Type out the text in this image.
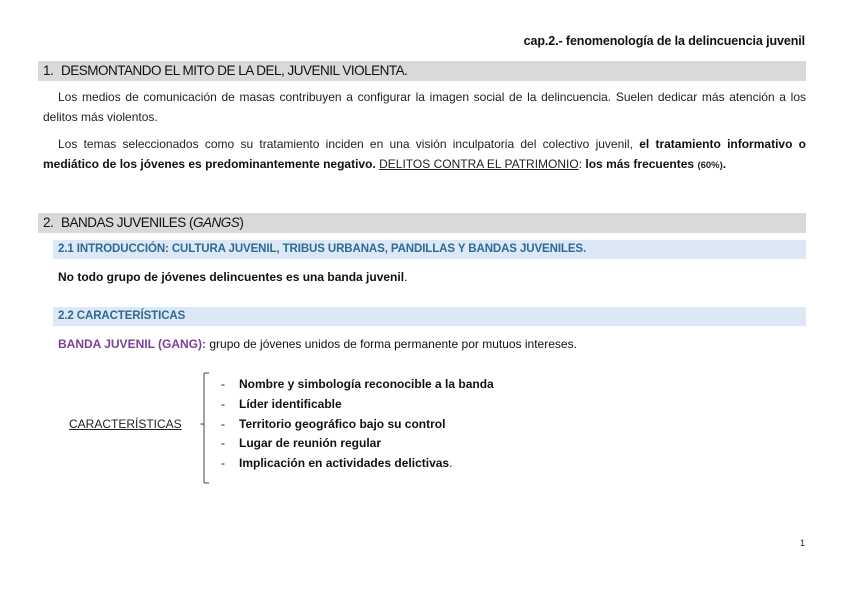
cap.2.- fenomenología de la delincuencia juvenil
1. DESMONTANDO EL MITO DE LA DEL, JUVENIL VIOLENTA.
Los medios de comunicación de masas contribuyen a configurar la imagen social de la delincuencia. Suelen dedicar más atención a los delitos más violentos.
Los temas seleccionados como su tratamiento inciden en una visión inculpatoria del colectivo juvenil, el tratamiento informativo o mediático de los jóvenes es predominantemente negativo. DELITOS CONTRA EL PATRIMONIO: los más frecuentes (60%).
2. BANDAS JUVENILES (GANGS)
2.1 INTRODUCCIÓN: CULTURA JUVENIL, TRIBUS URBANAS, PANDILLAS Y BANDAS JUVENILES.
No todo grupo de jóvenes delincuentes es una banda juvenil.
2.2 CARACTERÍSTICAS
BANDA JUVENIL (GANG): grupo de jóvenes unidos de forma permanente por mutuos intereses.
CARACTERÍSTICAS -
- Nombre y simbología reconocible a la banda
- Líder identificable
- Territorio geográfico bajo su control
- Lugar de reunión regular
- Implicación en actividades delictivas.
1
